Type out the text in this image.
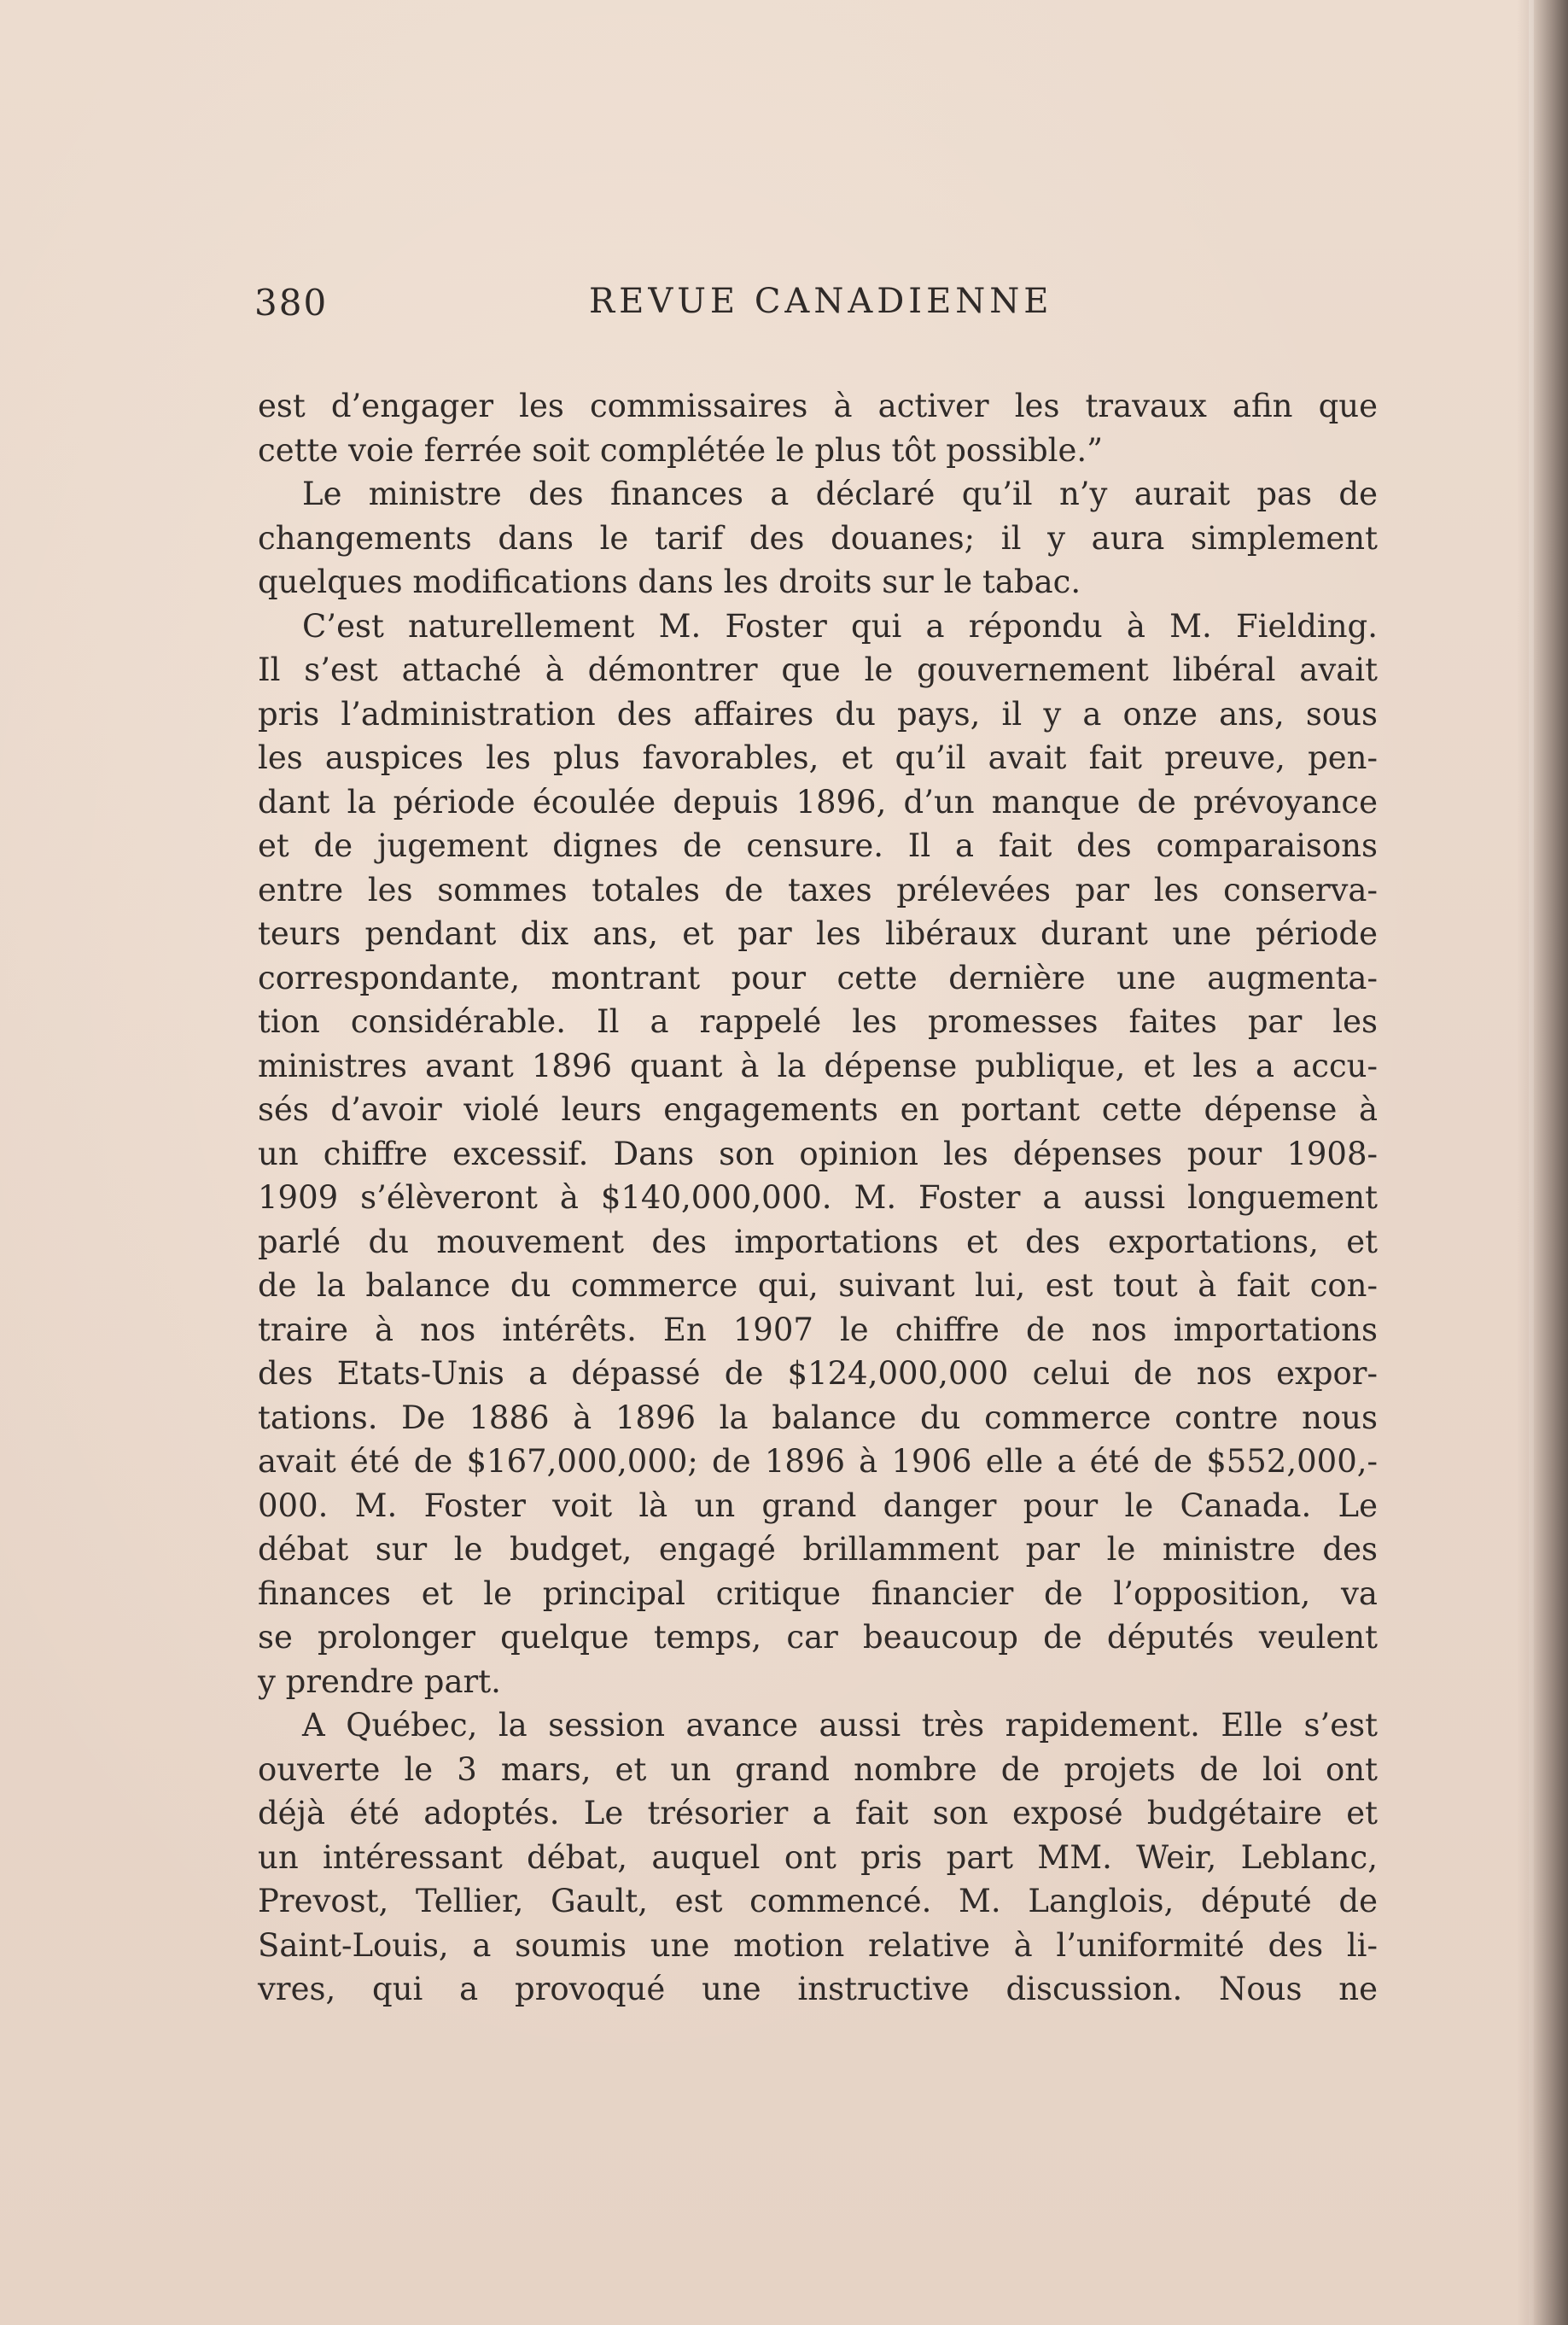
380	REVUE CANADIENNE
est d’engager les commissaires à activer les travaux afin que
cette voie ferrée soit complétée le plus tôt possible.”
Le ministre des finances a déclaré qu’il n’y aurait pas de
changements dans le tarif des douanes; il y aura simplement
quelques modifications dans les droits sur le tabac.
C’est naturellement M. Foster qui a répondu à M. Fielding.
Il s’est attaché à démontrer que le gouvernement libéral avait
pris l’administration des affaires du pays, il y a onze ans, sous
les auspices les plus favorables, et qu’il avait fait preuve, pen-
dant la période écoulée depuis 1896, d’un manque de prévoyance
et de jugement dignes de censure. Il a fait des comparaisons
entre les sommes totales de taxes prélevées par les conserva-
teurs pendant dix ans, et par les libéraux durant une période
correspondante, montrant pour cette dernière une augmenta-
tion considérable. Il a rappelé les promesses faites par les
ministres avant 1896 quant à la dépense publique, et les a accu-
sés d’avoir violé leurs engagements en portant cette dépense à
un chiffre excessif. Dans son opinion les dépenses pour 1908-
1909 s’élèveront à $140,000,000. M. Foster a aussi longuement
parlé du mouvement des importations et des exportations, et
de la balance du commerce qui, suivant lui, est tout à fait con-
traire à nos intérêts. En 1907 le chiffre de nos importations
des Etats-Unis a dépassé de $124,000,000 celui de nos expor-
tations. De 1886 à 1896 la balance du commerce contre nous
avait été de $167,000,000; de 1896 à 1906 elle a été de $552,000,-
000. M. Foster voit là un grand danger pour le Canada. Le
débat sur le budget, engagé brillamment par le ministre des
finances et le principal critique financier de l’opposition, va
se prolonger quelque temps, car beaucoup de députés veulent
y prendre part.
A Québec, la session avance aussi très rapidement. Elle s’est
ouverte le 3 mars, et un grand nombre de projets de loi ont
déjà été adoptés. Le trésorier a fait son exposé budgétaire et
un intéressant débat, auquel ont pris part MM. Weir, Leblanc,
Prevost, Tellier, Gault, est commencé. M. Langlois, député de
Saint-Louis, a soumis une motion relative à l’uniformité des li-
vres, qui a provoqué une instructive discussion. Nous ne
